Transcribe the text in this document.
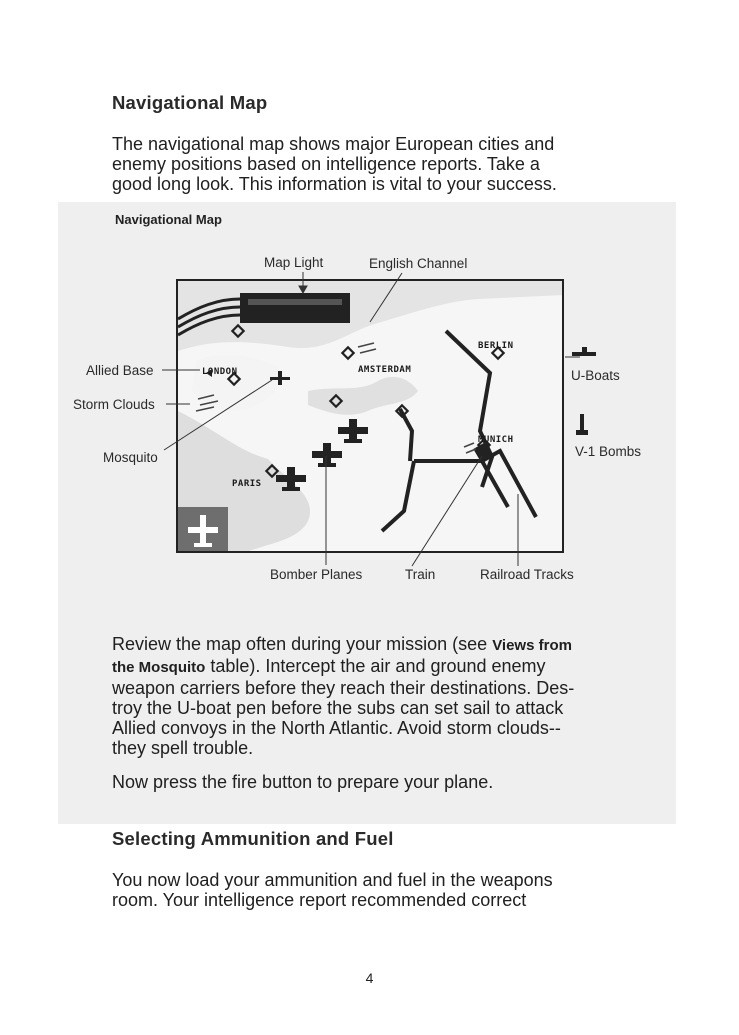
Navigational Map
The navigational map shows major European cities and
enemy positions based on intelligence reports. Take a
good long look. This information is vital to your success.
Navigational Map
Map Light	English Channel
Allied Base
Storm Clouds
Mosquito
Bomber Planes	Train	Railroad Tracks
U-Boats
V-1 Bombs
LONDON	AMSTERDAM
BERLIN
MUNICH
PARIS
Review the map often during your mission (see Views from
the Mosquito table). Intercept the air and ground enemy
weapon carriers before they reach their destinations. Des-
troy the U-boat pen before the subs can set sail to attack
Allied convoys in the North Atlantic. Avoid storm clouds--
they spell trouble.
Now press the fire button to prepare your plane.
Selecting Ammunition and Fuel
You now load your ammunition and fuel in the weapons
room. Your intelligence report recommended correct
4
